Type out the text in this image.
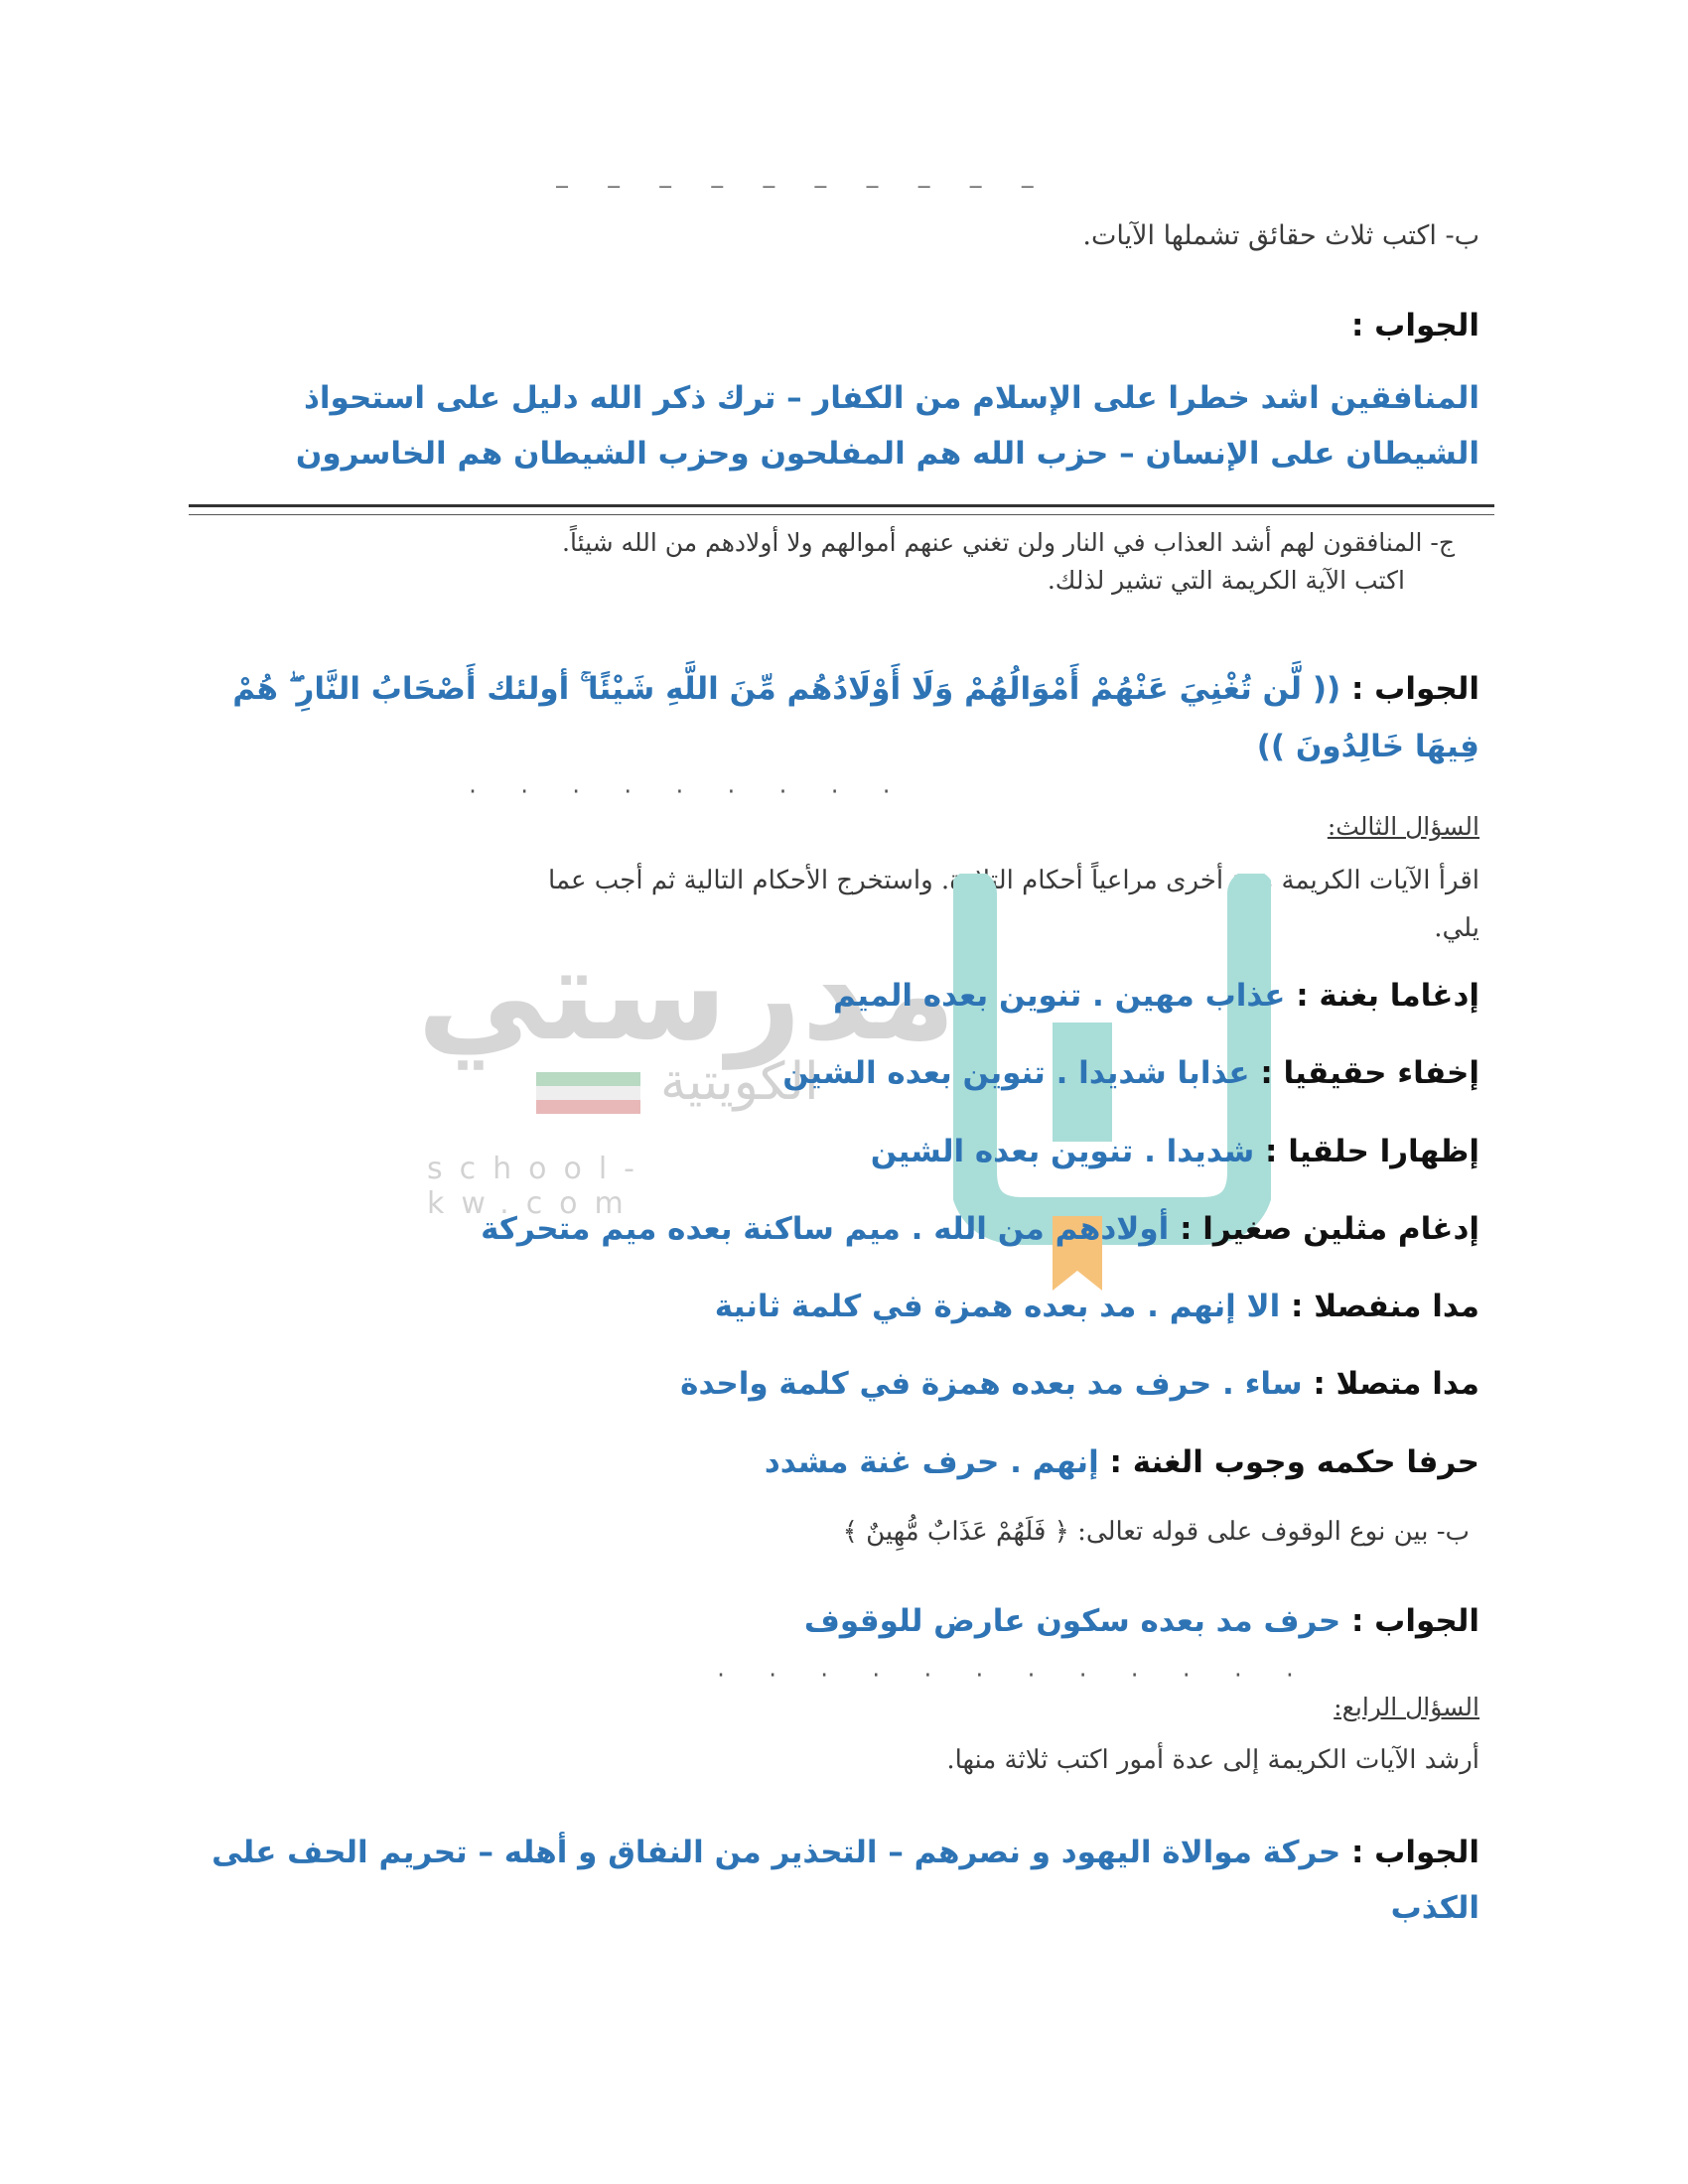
— — — — — — — — — —
ب- اكتب ثلاث حقائق تشملها الآيات.
الجواب :
المنافقين اشد خطرا على الإسلام من الكفار – ترك ذكر الله دليل على استحواذ الشيطان على الإنسان – حزب الله هم المفلحون وحزب الشيطان هم الخاسرون
ج- المنافقون لهم أشد العذاب في النار ولن تغني عنهم أموالهم ولا أولادهم من الله شيئاً.
اكتب الآية الكريمة التي تشير لذلك.
الجواب : (( لَّن تُغْنِيَ عَنْهُمْ أَمْوَالُهُمْ وَلَا أَوْلَادُهُم مِّنَ اللَّهِ شَيْئًا ۚ أولئك أَصْحَابُ النَّارِ ۖ هُمْ فِيهَا خَالِدُونَ ))
· · · · · · · · ·
السؤال الثالث:
اقرأ الآيات الكريمة مرة أخرى مراعياً أحكام التلاوة. واستخرج الأحكام التالية ثم أجب عما
يلي.
مدرستي
الكويتية
school-kw.com
إدغاما بغنة : عذاب مهين . تنوين بعده الميم
إخفاء حقيقيا : عذابا شديدا . تنوين بعده الشين
إظهارا حلقيا : شديدا . تنوين بعده الشين
إدغام مثلين صغيرا : أولادهم من الله . ميم ساكنة بعده ميم متحركة
مدا منفصلا : الا إنهم . مد بعده همزة في كلمة ثانية
مدا متصلا : ساء . حرف مد بعده همزة في كلمة واحدة
حرفا حكمه وجوب الغنة : إنهم . حرف غنة مشدد
ب- بين نوع الوقوف على قوله تعالى: ﴿ فَلَهُمْ عَذَابٌ مُّهِينٌ ﴾
الجواب : حرف مد بعده سكون عارض للوقوف
· · · · · · · · · · · ·
السؤال الرابع:
أرشد الآيات الكريمة إلى عدة أمور اكتب ثلاثة منها.
الجواب : حركة موالاة اليهود و نصرهم – التحذير من النفاق و أهله – تحريم الحف على الكذب
